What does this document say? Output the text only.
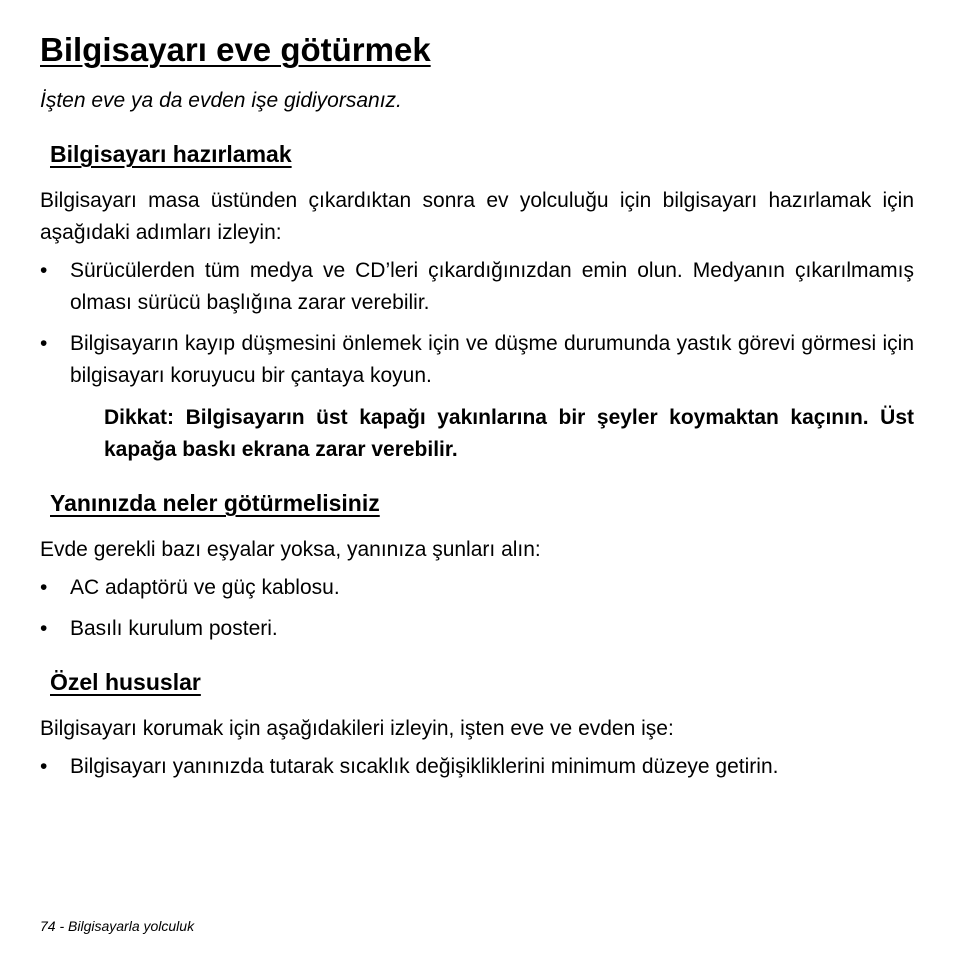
Bilgisayarı eve götürmek
İşten eve ya da evden işe gidiyorsanız.
Bilgisayarı hazırlamak
Bilgisayarı masa üstünden çıkardıktan sonra ev yolculuğu için bilgisayarı hazırlamak için aşağıdaki adımları izleyin:
• Sürücülerden tüm medya ve CD’leri çıkardığınızdan emin olun. Medyanın çıkarılmamış olması sürücü başlığına zarar verebilir.
• Bilgisayarın kayıp düşmesini önlemek için ve düşme durumunda yastık görevi görmesi için bilgisayarı koruyucu bir çantaya koyun.
Dikkat: Bilgisayarın üst kapağı yakınlarına bir şeyler koymaktan kaçının. Üst kapağa baskı ekrana zarar verebilir.
Yanınızda neler götürmelisiniz
Evde gerekli bazı eşyalar yoksa, yanınıza şunları alın:
• AC adaptörü ve güç kablosu.
• Basılı kurulum posteri.
Özel hususlar
Bilgisayarı korumak için aşağıdakileri izleyin, işten eve ve evden işe:
• Bilgisayarı yanınızda tutarak sıcaklık değişikliklerini minimum düzeye getirin.
74 - Bilgisayarla yolculuk
